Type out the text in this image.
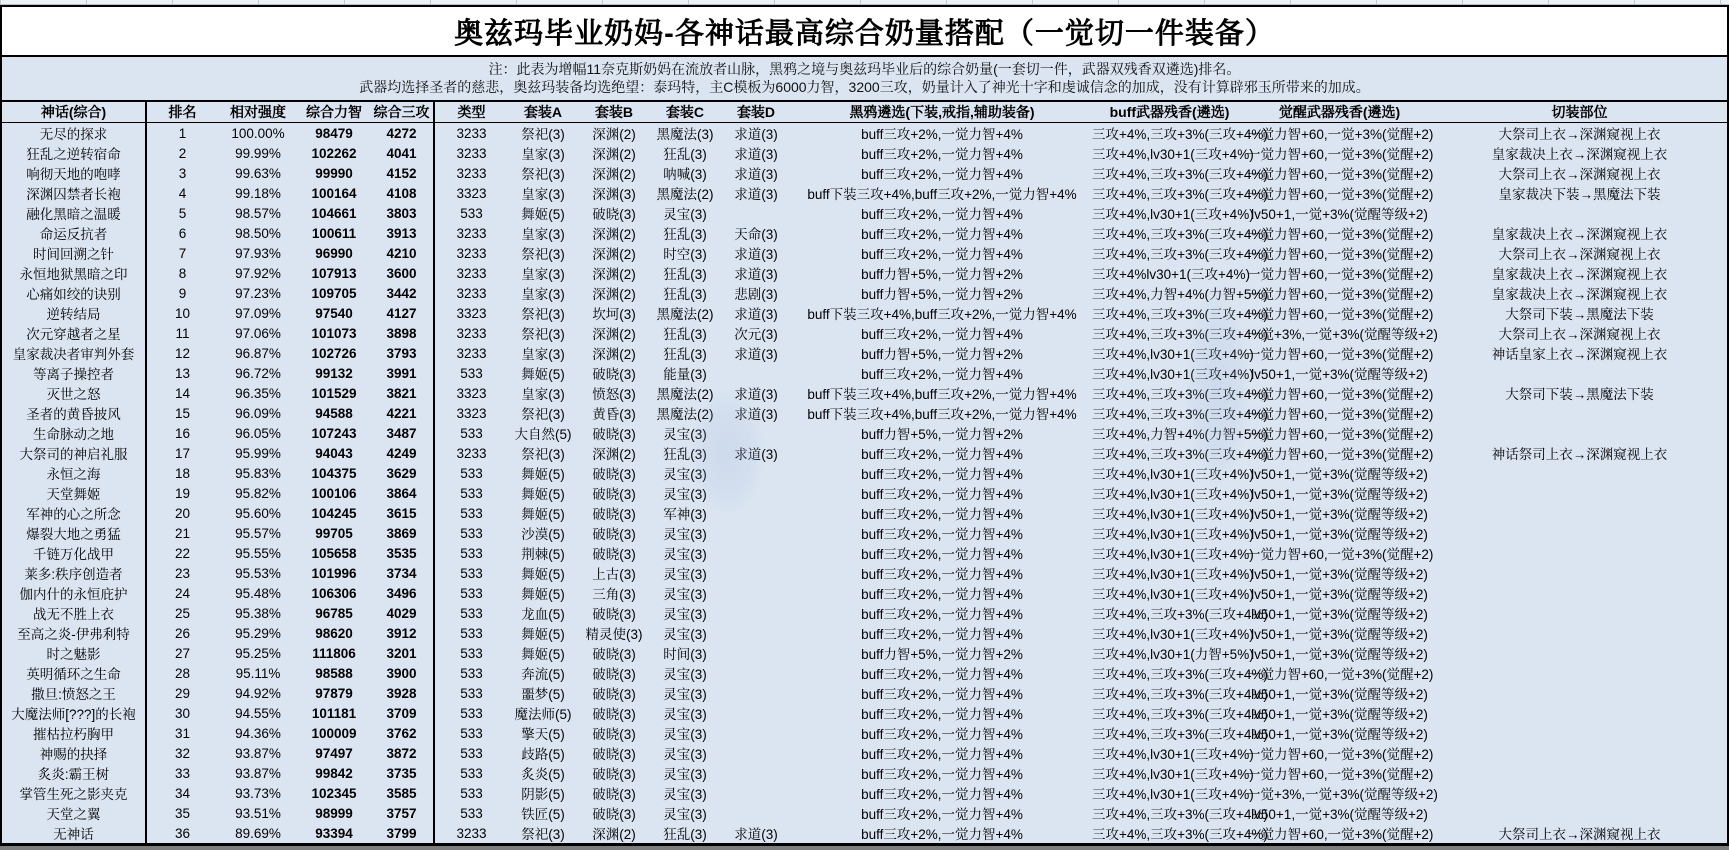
奥兹玛毕业奶妈-各神话最高综合奶量搭配（一觉切一件装备）
注：此表为增幅11奈克斯奶妈在流放者山脉，黑鸦之境与奥兹玛毕业后的综合奶量(一套切一件，武器双残香双遴选)排名。
武器均选择圣者的慈悲，奥兹玛装备均选绝望：泰玛特，主C模板为6000力智，3200三攻，奶量计入了神光十字和虔诚信念的加成，没有计算辟邪玉所带来的加成。
神话(综合)	排名	相对强度	综合力智	综合三攻	类型	套装A	套装B	套装C	套装D	黑鸦遴选(下装,戒指,辅助装备)	buff武器残香(遴选)	觉醒武器残香(遴选)	切装部位
无尽的探求	1	100.00%	98479	4272	3233	祭祀(3)	深渊(2)	黑魔法(3)	求道(3)	buff三攻+2%,一觉力智+4%	三攻+4%,三攻+3%(三攻+4%)	一觉力智+60,一觉+3%(觉醒+2)	大祭司上衣→深渊窥视上衣
狂乱之逆转宿命	2	99.99%	102262	4041	3233	皇家(3)	深渊(2)	狂乱(3)	求道(3)	buff三攻+2%,一觉力智+4%	三攻+4%,lv30+1(三攻+4%)	一觉力智+60,一觉+3%(觉醒+2)	皇家裁决上衣→深渊窥视上衣
响彻天地的咆哮	3	99.63%	99990	4152	3233	祭祀(3)	深渊(2)	呐喊(3)	求道(3)	buff三攻+2%,一觉力智+4%	三攻+4%,三攻+3%(三攻+4%)	一觉力智+60,一觉+3%(觉醒+2)	大祭司上衣→深渊窥视上衣
深渊囚禁者长袍	4	99.18%	100164	4108	3323	皇家(3)	深渊(3)	黑魔法(2)	求道(3)	buff下装三攻+4%,buff三攻+2%,一觉力智+4%	三攻+4%,三攻+3%(三攻+4%)	一觉力智+60,一觉+3%(觉醒+2)	皇家裁决下装→黑魔法下装
融化黑暗之温暖	5	98.57%	104661	3803	533	舞姬(5)	破晓(3)	灵宝(3)		buff三攻+2%,一觉力智+4%	三攻+4%,lv30+1(三攻+4%)	lv50+1,一觉+3%(觉醒等级+2)	
命运反抗者	6	98.50%	100611	3913	3233	皇家(3)	深渊(2)	狂乱(3)	天命(3)	buff三攻+2%,一觉力智+4%	三攻+4%,三攻+3%(三攻+4%)	一觉力智+60,一觉+3%(觉醒+2)	皇家裁决上衣→深渊窥视上衣
时间回溯之针	7	97.93%	96990	4210	3233	祭祀(3)	深渊(2)	时空(3)	求道(3)	buff三攻+2%,一觉力智+4%	三攻+4%,三攻+3%(三攻+4%)	一觉力智+60,一觉+3%(觉醒+2)	大祭司上衣→深渊窥视上衣
永恒地狱黑暗之印	8	97.92%	107913	3600	3233	皇家(3)	深渊(2)	狂乱(3)	求道(3)	buff力智+5%,一觉力智+2%	三攻+4%lv30+1(三攻+4%)	一觉力智+60,一觉+3%(觉醒+2)	皇家裁决上衣→深渊窥视上衣
心痛如绞的诀别	9	97.23%	109705	3442	3233	皇家(3)	深渊(2)	狂乱(3)	悲剧(3)	buff力智+5%,一觉力智+2%	三攻+4%,力智+4%(力智+5%)	一觉力智+60,一觉+3%(觉醒+2)	皇家裁决上衣→深渊窥视上衣
逆转结局	10	97.09%	97540	4127	3323	祭祀(3)	坎坷(3)	黑魔法(2)	求道(3)	buff下装三攻+4%,buff三攻+2%,一觉力智+4%	三攻+4%,三攻+3%(三攻+4%)	一觉力智+60,一觉+3%(觉醒+2)	大祭司下装→黑魔法下装
次元穿越者之星	11	97.06%	101073	3898	3233	祭祀(3)	深渊(2)	狂乱(3)	次元(3)	buff三攻+2%,一觉力智+4%	三攻+4%,三攻+3%(三攻+4%)	一觉+3%,一觉+3%(觉醒等级+2)	大祭司上衣→深渊窥视上衣
皇家裁决者审判外套	12	96.87%	102726	3793	3233	皇家(3)	深渊(2)	狂乱(3)	求道(3)	buff力智+5%,一觉力智+2%	三攻+4%,lv30+1(三攻+4%)	一觉力智+60,一觉+3%(觉醒+2)	神话皇家上衣→深渊窥视上衣
等离子操控者	13	96.72%	99132	3991	533	舞姬(5)	破晓(3)	能量(3)		buff三攻+2%,一觉力智+4%	三攻+4%,lv30+1(三攻+4%)	lv50+1,一觉+3%(觉醒等级+2)	
灭世之怒	14	96.35%	101529	3821	3323	皇家(3)	愤怒(3)	黑魔法(2)	求道(3)	buff下装三攻+4%,buff三攻+2%,一觉力智+4%	三攻+4%,三攻+3%(三攻+4%)	一觉力智+60,一觉+3%(觉醒+2)	大祭司下装→黑魔法下装
圣者的黄昏披风	15	96.09%	94588	4221	3323	祭祀(3)	黄昏(3)	黑魔法(2)	求道(3)	buff下装三攻+4%,buff三攻+2%,一觉力智+4%	三攻+4%,三攻+3%(三攻+4%)	一觉力智+60,一觉+3%(觉醒+2)	
生命脉动之地	16	96.05%	107243	3487	533	大自然(5)	破晓(3)	灵宝(3)		buff力智+5%,一觉力智+2%	三攻+4%,力智+4%(力智+5%)	一觉力智+60,一觉+3%(觉醒+2)	
大祭司的神启礼服	17	95.99%	94043	4249	3233	祭祀(3)	深渊(2)	狂乱(3)	求道(3)	buff三攻+2%,一觉力智+4%	三攻+4%,三攻+3%(三攻+4%)	一觉力智+60,一觉+3%(觉醒+2)	神话祭司上衣→深渊窥视上衣
永恒之海	18	95.83%	104375	3629	533	舞姬(5)	破晓(3)	灵宝(3)		buff三攻+2%,一觉力智+4%	三攻+4%,lv30+1(三攻+4%)	lv50+1,一觉+3%(觉醒等级+2)	
天堂舞姬	19	95.82%	100106	3864	533	舞姬(5)	破晓(3)	灵宝(3)		buff三攻+2%,一觉力智+4%	三攻+4%,lv30+1(三攻+4%)	lv50+1,一觉+3%(觉醒等级+2)	
军神的心之所念	20	95.60%	104245	3615	533	舞姬(5)	破晓(3)	军神(3)		buff三攻+2%,一觉力智+4%	三攻+4%,lv30+1(三攻+4%)	lv50+1,一觉+3%(觉醒等级+2)	
爆裂大地之勇猛	21	95.57%	99705	3869	533	沙漠(5)	破晓(3)	灵宝(3)		buff三攻+2%,一觉力智+4%	三攻+4%,lv30+1(三攻+4%)	lv50+1,一觉+3%(觉醒等级+2)	
千链万化战甲	22	95.55%	105658	3535	533	荆棘(5)	破晓(3)	灵宝(3)		buff三攻+2%,一觉力智+4%	三攻+4%,lv30+1(三攻+4%)	一觉力智+60,一觉+3%(觉醒+2)	
莱多:秩序创造者	23	95.53%	101996	3734	533	舞姬(5)	上古(3)	灵宝(3)		buff三攻+2%,一觉力智+4%	三攻+4%,lv30+1(三攻+4%)	lv50+1,一觉+3%(觉醒等级+2)	
伽内什的永恒庇护	24	95.48%	106306	3496	533	舞姬(5)	三角(3)	灵宝(3)		buff三攻+2%,一觉力智+4%	三攻+4%,lv30+1(三攻+4%)	lv50+1,一觉+3%(觉醒等级+2)	
战无不胜上衣	25	95.38%	96785	4029	533	龙血(5)	破晓(3)	灵宝(3)		buff三攻+2%,一觉力智+4%	三攻+4%,三攻+3%(三攻+4%)	lv50+1,一觉+3%(觉醒等级+2)	
至高之炎-伊弗利特	26	95.29%	98620	3912	533	舞姬(5)	精灵使(3)	灵宝(3)		buff三攻+2%,一觉力智+4%	三攻+4%,lv30+1(三攻+4%)	lv50+1,一觉+3%(觉醒等级+2)	
时之魅影	27	95.25%	111806	3201	533	舞姬(5)	破晓(3)	时间(3)		buff力智+5%,一觉力智+2%	三攻+4%,lv30+1(力智+5%)	lv50+1,一觉+3%(觉醒等级+2)	
英明循环之生命	28	95.11%	98588	3900	533	奔流(5)	破晓(3)	灵宝(3)		buff三攻+2%,一觉力智+4%	三攻+4%,三攻+3%(三攻+4%)	一觉力智+60,一觉+3%(觉醒+2)	
撒旦:愤怒之王	29	94.92%	97879	3928	533	噩梦(5)	破晓(3)	灵宝(3)		buff三攻+2%,一觉力智+4%	三攻+4%,三攻+3%(三攻+4%)	lv50+1,一觉+3%(觉醒等级+2)	
大魔法师[???]的长袍	30	94.55%	101181	3709	533	魔法师(5)	破晓(3)	灵宝(3)		buff三攻+2%,一觉力智+4%	三攻+4%,三攻+3%(三攻+4%)	lv50+1,一觉+3%(觉醒等级+2)	
摧枯拉朽胸甲	31	94.36%	100009	3762	533	擎天(5)	破晓(3)	灵宝(3)		buff三攻+2%,一觉力智+4%	三攻+4%,三攻+3%(三攻+4%)	lv50+1,一觉+3%(觉醒等级+2)	
神赐的抉择	32	93.87%	97497	3872	533	歧路(5)	破晓(3)	灵宝(3)		buff三攻+2%,一觉力智+4%	三攻+4%,lv30+1(三攻+4%)	一觉力智+60,一觉+3%(觉醒+2)	
炙炎:霸王树	33	93.87%	99842	3735	533	炙炎(5)	破晓(3)	灵宝(3)		buff三攻+2%,一觉力智+4%	三攻+4%,lv30+1(三攻+4%)	一觉力智+60,一觉+3%(觉醒+2)	
掌管生死之影夹克	34	93.73%	102345	3585	533	阴影(5)	破晓(3)	灵宝(3)		buff三攻+2%,一觉力智+4%	三攻+4%,lv30+1(三攻+4%)	一觉+3%,一觉+3%(觉醒等级+2)	
天堂之翼	35	93.51%	98999	3757	533	铁匠(5)	破晓(3)	灵宝(3)		buff三攻+2%,一觉力智+4%	三攻+4%,三攻+3%(三攻+4%)	lv50+1,一觉+3%(觉醒等级+2)	
无神话	36	89.69%	93394	3799	3233	祭祀(3)	深渊(2)	狂乱(3)	求道(3)	buff三攻+2%,一觉力智+4%	三攻+4%,三攻+3%(三攻+4%)	一觉力智+60,一觉+3%(觉醒+2)	大祭司上衣→深渊窥视上衣
